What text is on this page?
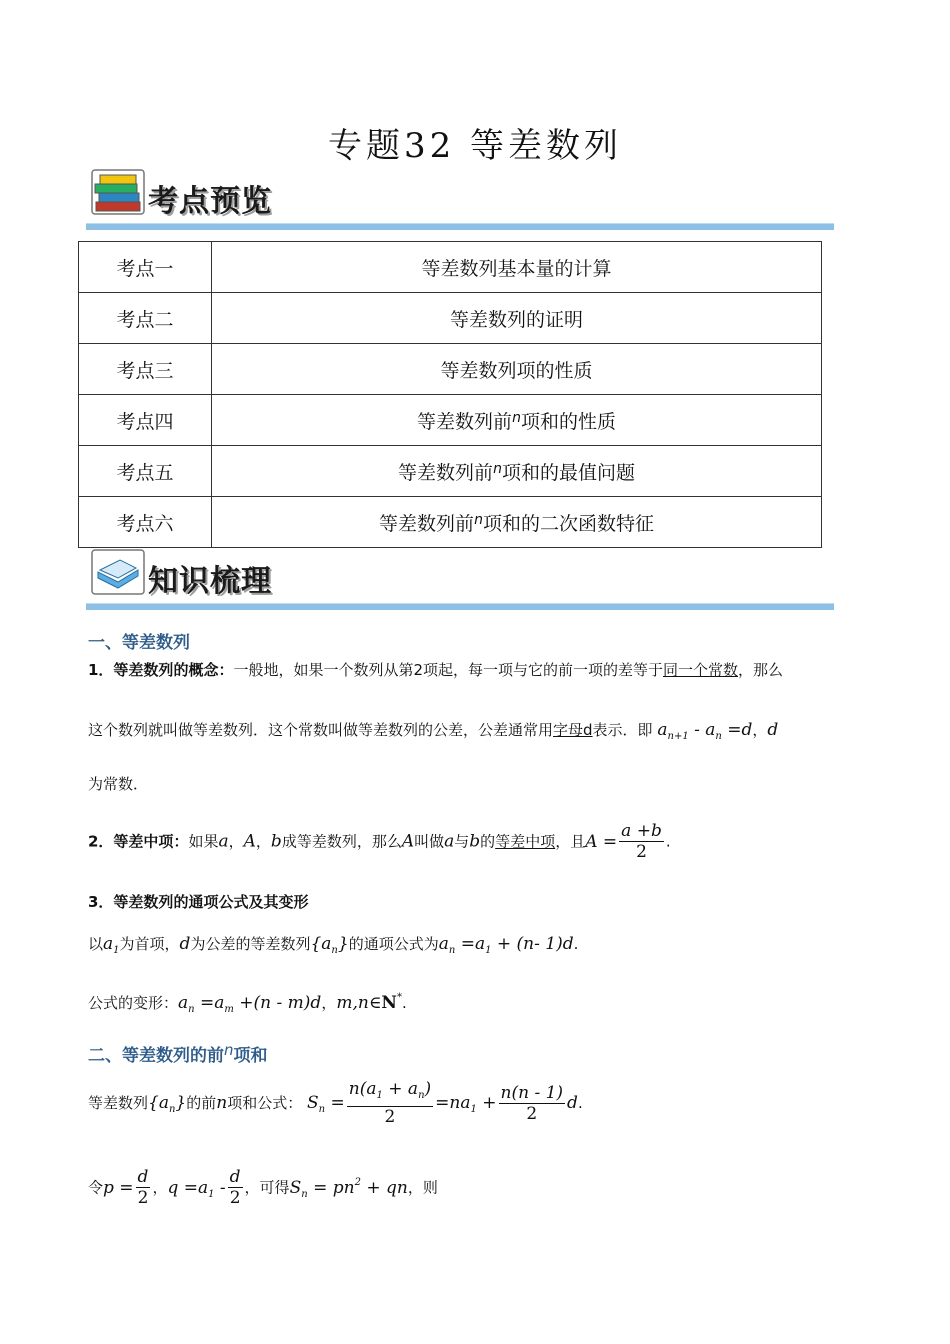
专题32 等差数列
考点预览
考点一	等差数列基本量的计算
考点二	等差数列的证明
考点三	等差数列项的性质
考点四	等差数列前$^n$项和的性质
考点五	等差数列前$^n$项和的最值问题
考点六	等差数列前$^n$项和的二次函数特征
知识梳理
一、等差数列
1．等差数列的概念：一般地，如果一个数列从第2项起，每一项与它的前一项的差等于同一个常数，那么
这个数列就叫做等差数列．这个常数叫做等差数列的公差，公差通常用字母d表示．即 $a_{n+1} - a_n =d$，d
为常数．
2．等差中项：如果a，A，b成等差数列，那么A叫做a与b的等差中项，且$A = \frac{a +b}{2}$ .
3．等差数列的通项公式及其变形
以$a_1$为首项，d为公差的等差数列$\{a_n\}$的通项公式为$a_n =a_1 + (n-$ 1)d.
公式的变形：$a_n =a_m +(n - m)d$，m,n∈N*.
二、等差数列的前n项和
等差数列$\{a_n\}$的前n项和公式： $S_n = \frac{n(a_1 + a_n)}{2} =na_1 + \frac{n(n - 1)}{2} d$.
令$p = \frac{d}{2}$ ，$q =a_1 - \frac{d}{2}$ ，可得$S_n = pn^2$ + qn，则
